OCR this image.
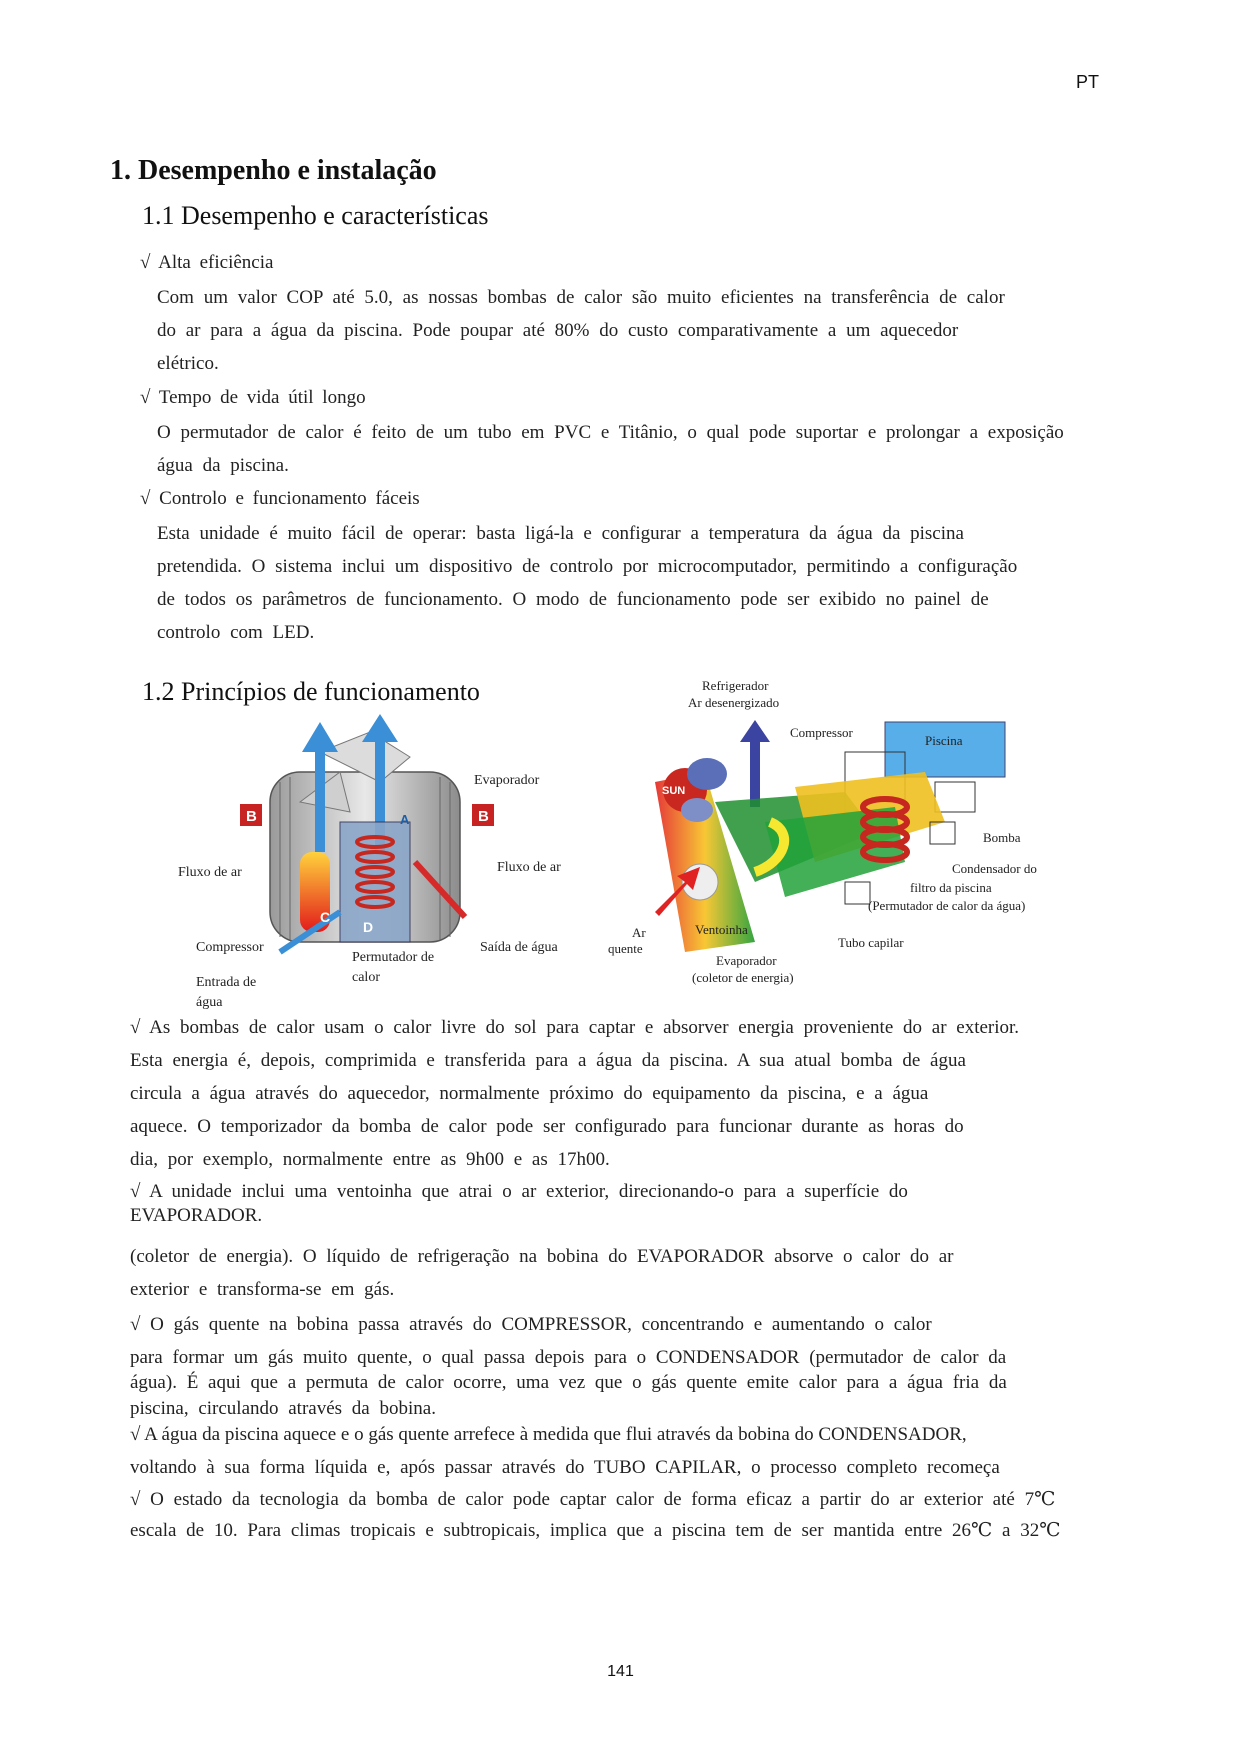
PT
1. Desempenho e instalação
1.1 Desempenho e características
√ Alta eficiência
Com um valor COP até 5.0, as nossas bombas de calor são muito eficientes na transferência de calor
do ar para a água da piscina. Pode poupar até 80% do custo comparativamente a um aquecedor
elétrico.
√ Tempo de vida útil longo
O permutador de calor é feito de um tubo em PVC e Titânio, o qual pode suportar e prolongar a exposição
água da piscina.
√ Controlo e funcionamento fáceis
Esta unidade é muito fácil de operar: basta ligá-la e configurar a temperatura da água da piscina
pretendida. O sistema inclui um dispositivo de controlo por microcomputador, permitindo a configuração
de todos os parâmetros de funcionamento. O modo de funcionamento pode ser exibido no painel de
controlo com LED.
1.2 Princípios de funcionamento
B	B
A
C
D
Evaporador
Fluxo de ar	Fluxo de ar
Compressor
Permutador de
calor
Saída de água
Entrada de
água
SUN
Refrigerador
Ar desenergizado
Compressor
Piscina
Bomba
Condensador do
filtro da piscina
(Permutador de calor da água)
Ar
quente
Ventoinha
Tubo capilar
Evaporador
(coletor de energia)
√ As bombas de calor usam o calor livre do sol para captar e absorver energia proveniente do ar exterior.
Esta energia é, depois, comprimida e transferida para a água da piscina. A sua atual bomba de água
circula a água através do aquecedor, normalmente próximo do equipamento da piscina, e a água
aquece. O temporizador da bomba de calor pode ser configurado para funcionar durante as horas do
dia, por exemplo, normalmente entre as 9h00 e as 17h00.
√ A unidade inclui uma ventoinha que atrai o ar exterior, direcionando-o para a superfície do
EVAPORADOR.
(coletor de energia). O líquido de refrigeração na bobina do EVAPORADOR absorve o calor do ar
exterior e transforma-se em gás.
√ O gás quente na bobina passa através do COMPRESSOR, concentrando e aumentando o calor
para formar um gás muito quente, o qual passa depois para o CONDENSADOR (permutador de calor da
água). É aqui que a permuta de calor ocorre, uma vez que o gás quente emite calor para a água fria da
piscina, circulando através da bobina.
√ A água da piscina aquece e o gás quente arrefece à medida que flui através da bobina do CONDENSADOR,
voltando à sua forma líquida e, após passar através do TUBO CAPILAR, o processo completo recomeça
√ O estado da tecnologia da bomba de calor pode captar calor de forma eficaz a partir do ar exterior até 7℃
escala de 10. Para climas tropicais e subtropicais, implica que a piscina tem de ser mantida entre 26℃ a 32℃
141
